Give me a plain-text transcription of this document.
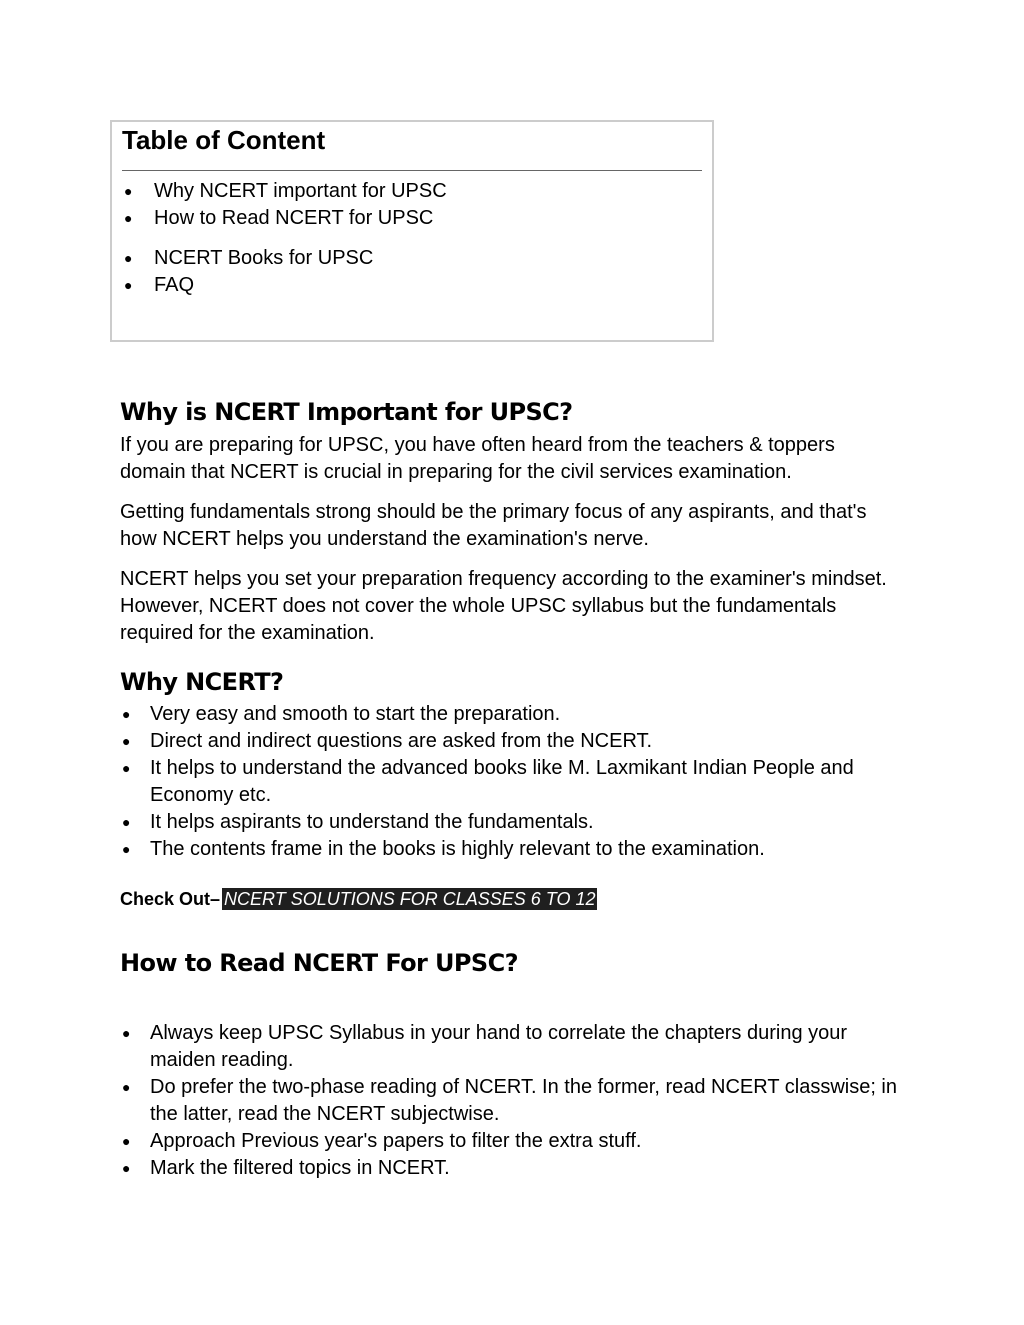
Table of Content
●	Why NCERT important for UPSC
●	How to Read NCERT for UPSC
●	NCERT Books for UPSC
●	FAQ
Why is NCERT Important for UPSC?

If you are preparing for UPSC, you have often heard from the teachers & toppers
domain that NCERT is crucial in preparing for the civil services examination.

Getting fundamentals strong should be the primary focus of any aspirants, and that's
how NCERT helps you understand the examination's nerve.

NCERT helps you set your preparation frequency according to the examiner's mindset.
However, NCERT does not cover the whole UPSC syllabus but the fundamentals
required for the examination.

Why NCERT?
● Very easy and smooth to start the preparation.
● Direct and indirect questions are asked from the NCERT.
● It helps to understand the advanced books like M. Laxmikant Indian People and
Economy etc.
● It helps aspirants to understand the fundamentals.
● The contents frame in the books is highly relevant to the examination.
Check Out– NCERT SOLUTIONS FOR CLASSES 6 TO 12
How to Read NCERT For UPSC?
● Always keep UPSC Syllabus in your hand to correlate the chapters during your
maiden reading.
● Do prefer the two-phase reading of NCERT. In the former, read NCERT classwise; in
the latter, read the NCERT subjectwise.
● Approach Previous year's papers to filter the extra stuff.
● Mark the filtered topics in NCERT.
